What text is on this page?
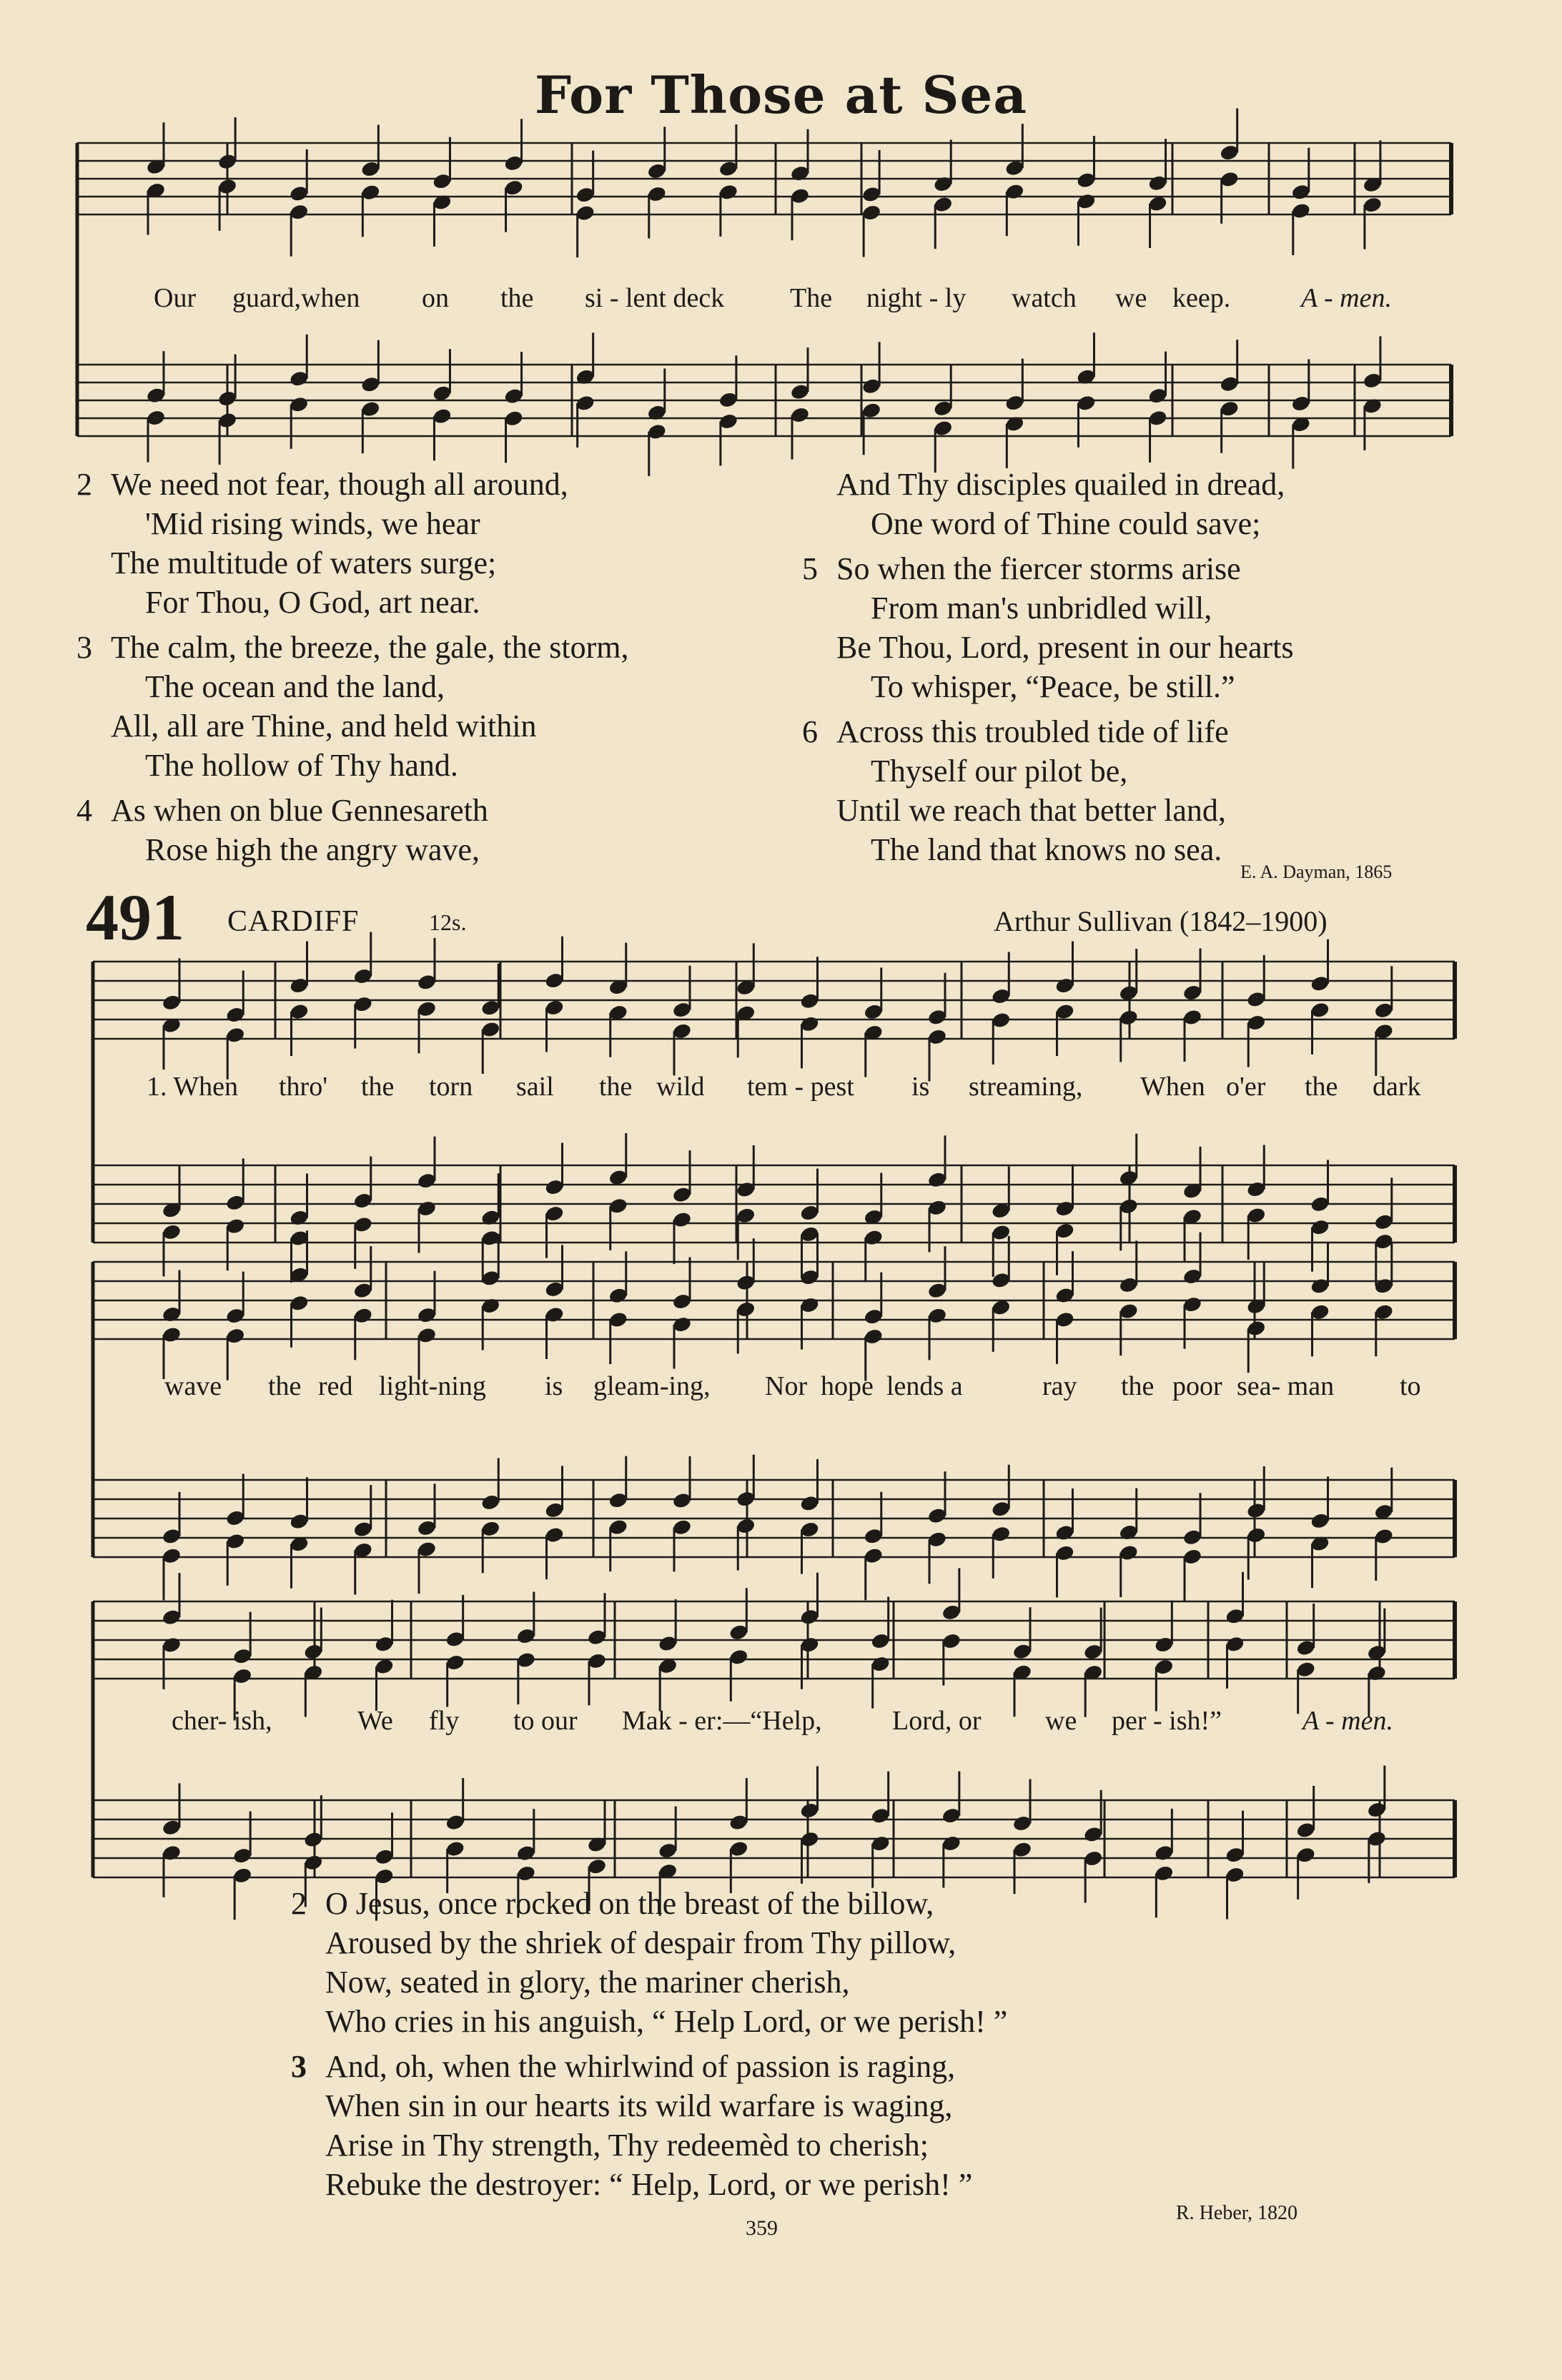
For Those at Sea
Our guard,when on the si - lent deck The night - ly watch we keep.	A - men.
2 We need not fear, though all around,
'Mid rising winds, we hear
The multitude of waters surge;
For Thou, O God, art near.
3 The calm, the breeze, the gale, the storm,
The ocean and the land,
All, all are Thine, and held within
The hollow of Thy hand.
4 As when on blue Gennesareth
Rose high the angry wave,
And Thy disciples quailed in dread,
One word of Thine could save;
5 So when the fiercer storms arise
From man's unbridled will,
Be Thou, Lord, present in our hearts
To whisper, “Peace, be still.”
6 Across this troubled tide of life
Thyself our pilot be,
Until we reach that better land,
The land that knows no sea.
E. A. Dayman, 1865
491 CARDIFF	12s.	Arthur Sullivan (1842–1900)
1. When thro' the torn sail the wild tem - pest is streaming, When o'er the dark
wave the red light-ning is gleam-ing, Nor hope lends a	ray the poor sea- man to
cher- ish,	We fly to our Mak - er:—“Help,	Lord, or we per - ish!”	A - men.
2 O Jesus, once rocked on the breast of the billow,
Aroused by the shriek of despair from Thy pillow,
Now, seated in glory, the mariner cherish,
Who cries in his anguish, “ Help Lord, or we perish! ”
3 And, oh, when the whirlwind of passion is raging,
When sin in our hearts its wild warfare is waging,
Arise in Thy strength, Thy redeemèd to cherish;
Rebuke the destroyer: “ Help, Lord, or we perish! ”
R. Heber, 1820
359
